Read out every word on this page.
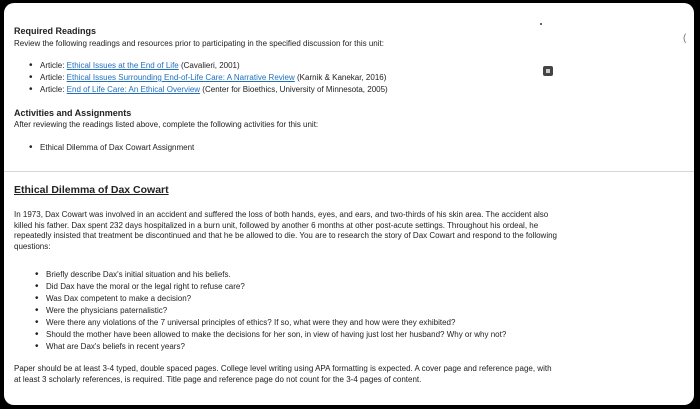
(
Required Readings
Review the following readings and resources prior to participating in the specified discussion for this unit:
• Article: Ethical Issues at the End of Life (Cavalieri, 2001)
• Article: Ethical Issues Surrounding End-of-Life Care: A Narrative Review (Karnik & Kanekar, 2016)
• Article: End of Life Care: An Ethical Overview (Center for Bioethics, University of Minnesota, 2005)
Activities and Assignments
After reviewing the readings listed above, complete the following activities for this unit:
• Ethical Dilemma of Dax Cowart Assignment
Ethical Dilemma of Dax Cowart
In 1973, Dax Cowart was involved in an accident and suffered the loss of both hands, eyes, and ears, and two-thirds of his skin area. The accident also
killed his father. Dax spent 232 days hospitalized in a burn unit, followed by another 6 months at other post-acute settings. Throughout his ordeal, he
repeatedly insisted that treatment be discontinued and that he be allowed to die. You are to research the story of Dax Cowart and respond to the following
questions:
• Briefly describe Dax's initial situation and his beliefs.
• Did Dax have the moral or the legal right to refuse care?
• Was Dax competent to make a decision?
• Were the physicians paternalistic?
• Were there any violations of the 7 universal principles of ethics? If so, what were they and how were they exhibited?
• Should the mother have been allowed to make the decisions for her son, in view of having just lost her husband? Why or why not?
• What are Dax's beliefs in recent years?
Paper should be at least 3-4 typed, double spaced pages. College level writing using APA formatting is expected. A cover page and reference page, with
at least 3 scholarly references, is required. Title page and reference page do not count for the 3-4 pages of content.
